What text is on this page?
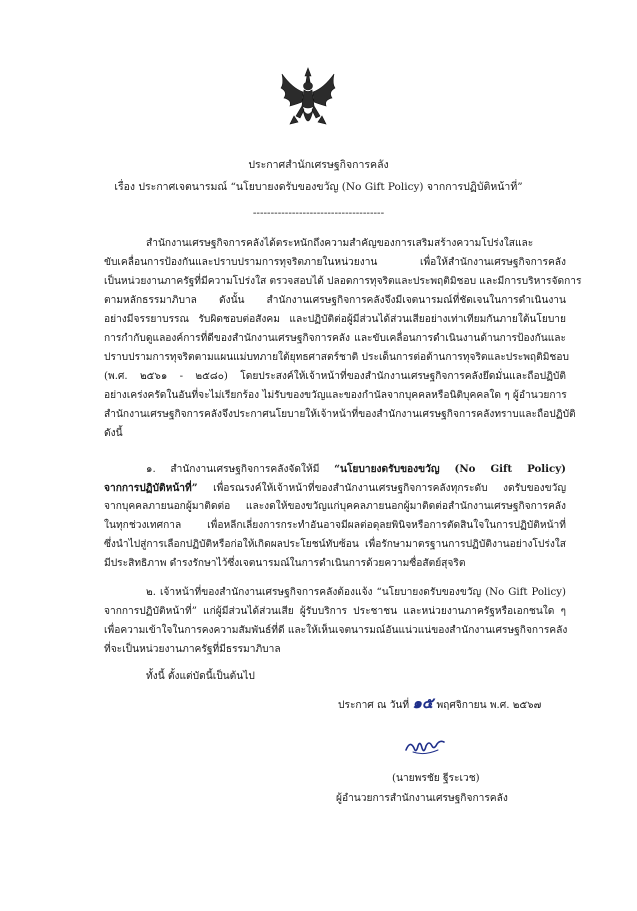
ประกาศสำนักเศรษฐกิจการคลัง
เรื่อง ประกาศเจตนารมณ์ “นโยบายงดรับของขวัญ (No Gift Policy) จากการปฏิบัติหน้าที่”
-------------------------------------
สำนักงานเศรษฐกิจการคลังได้ตระหนักถึงความสำคัญของการเสริมสร้างความโปร่งใสและ
ขับเคลื่อนการป้องกันและปราบปรามการทุจริตภายในหน่วยงาน เพื่อให้สำนักงานเศรษฐกิจการคลัง
เป็นหน่วยงานภาครัฐที่มีความโปร่งใส ตรวจสอบได้ ปลอดการทุจริตและประพฤติมิชอบ และมีการบริหารจัดการ
ตามหลักธรรมาภิบาล ดังนั้น สำนักงานเศรษฐกิจการคลังจึงมีเจตนารมณ์ที่ชัดเจนในการดำเนินงาน
อย่างมีจรรยาบรรณ รับผิดชอบต่อสังคม และปฏิบัติต่อผู้มีส่วนได้ส่วนเสียอย่างเท่าเทียมกันภายใต้นโยบาย
การกำกับดูแลองค์การที่ดีของสำนักงานเศรษฐกิจการคลัง และขับเคลื่อนการดำเนินงานด้านการป้องกันและ
ปราบปรามการทุจริตตามแผนแม่บทภายใต้ยุทธศาสตร์ชาติ ประเด็นการต่อต้านการทุจริตและประพฤติมิชอบ
(พ.ศ. ๒๕๖๑ - ๒๕๘๐) โดยประสงค์ให้เจ้าหน้าที่ของสำนักงานเศรษฐกิจการคลังยึดมั่นและถือปฏิบัติ
อย่างเคร่งครัดในอันที่จะไม่เรียกร้อง ไม่รับของขวัญและของกำนัลจากบุคคลหรือนิติบุคคลใด ๆ ผู้อำนวยการ
สำนักงานเศรษฐกิจการคลังจึงประกาศนโยบายให้เจ้าหน้าที่ของสำนักงานเศรษฐกิจการคลังทราบและถือปฏิบัติ
ดังนี้
๑. สำนักงานเศรษฐกิจการคลังจัดให้มี “นโยบายงดรับของขวัญ (No Gift Policy)
จากการปฏิบัติหน้าที่” เพื่อรณรงค์ให้เจ้าหน้าที่ของสำนักงานเศรษฐกิจการคลังทุกระดับ งดรับของขวัญ
จากบุคคลภายนอกผู้มาติดต่อ และงดให้ของขวัญแก่บุคคลภายนอกผู้มาติดต่อสำนักงานเศรษฐกิจการคลัง
ในทุกช่วงเทศกาล เพื่อหลีกเลี่ยงการกระทำอันอาจมีผลต่อดุลยพินิจหรือการตัดสินใจในการปฏิบัติหน้าที่
ซึ่งนำไปสู่การเลือกปฏิบัติหรือก่อให้เกิดผลประโยชน์ทับซ้อน เพื่อรักษามาตรฐานการปฏิบัติงานอย่างโปร่งใส
มีประสิทธิภาพ ดำรงรักษาไว้ซึ่งเจตนารมณ์ในการดำเนินการด้วยความซื่อสัตย์สุจริต
๒. เจ้าหน้าที่ของสำนักงานเศรษฐกิจการคลังต้องแจ้ง “นโยบายงดรับของขวัญ (No Gift Policy)
จากการปฏิบัติหน้าที่” แก่ผู้มีส่วนได้ส่วนเสีย ผู้รับบริการ ประชาชน และหน่วยงานภาครัฐหรือเอกชนใด ๆ
เพื่อความเข้าใจในการคงความสัมพันธ์ที่ดี และให้เห็นเจตนารมณ์อันแน่วแน่ของสำนักงานเศรษฐกิจการคลัง
ที่จะเป็นหน่วยงานภาครัฐที่มีธรรมาภิบาล
ทั้งนี้ ตั้งแต่บัดนี้เป็นต้นไป
ประกาศ ณ วันที่ ๑๕ พฤศจิกายน พ.ศ. ๒๕๖๗
(นายพรชัย ฐีระเวช)
ผู้อำนวยการสำนักงานเศรษฐกิจการคลัง
